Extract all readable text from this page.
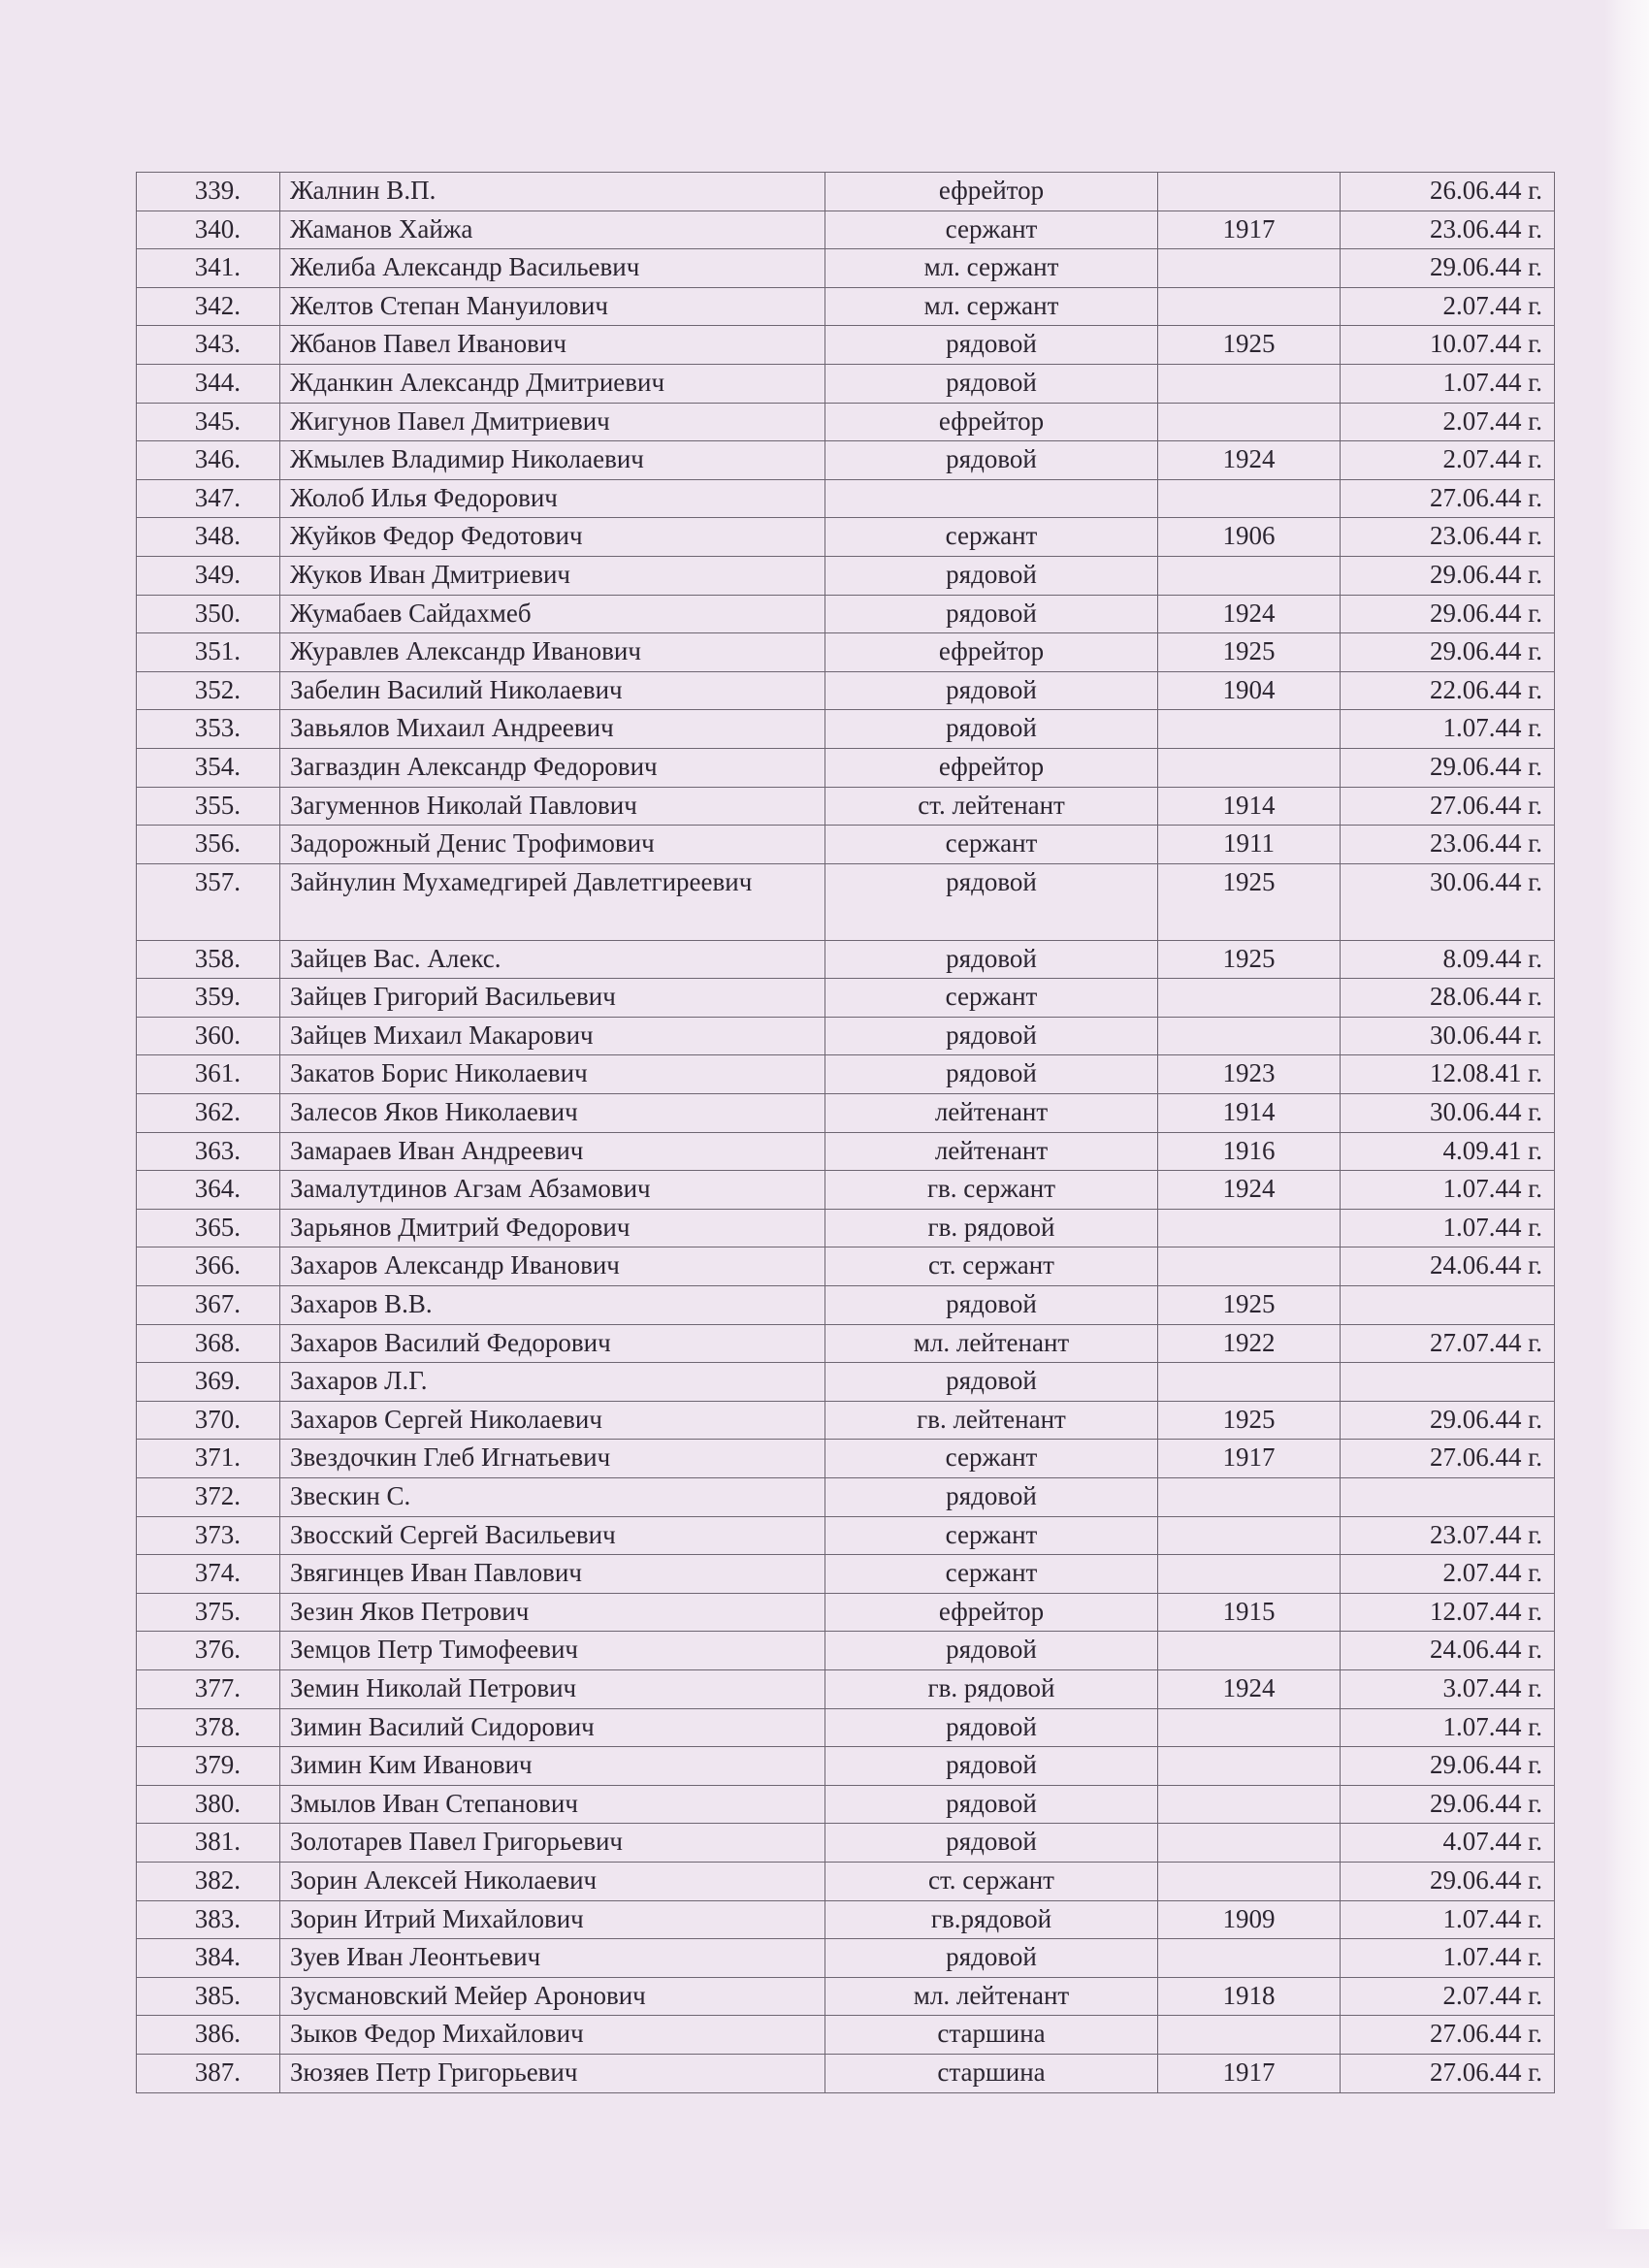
339.	Жалнин В.П.	ефрейтор		26.06.44 г.
340.	Жаманов Хайжа	сержант	1917	23.06.44 г.
341.	Желиба Александр Васильевич	мл. сержант		29.06.44 г.
342.	Желтов Степан Мануилович	мл. сержант		2.07.44 г.
343.	Жбанов Павел Иванович	рядовой	1925	10.07.44 г.
344.	Жданкин Александр Дмитриевич	рядовой		1.07.44 г.
345.	Жигунов Павел Дмитриевич	ефрейтор		2.07.44 г.
346.	Жмылев Владимир Николаевич	рядовой	1924	2.07.44 г.
347.	Жолоб Илья Федорович			27.06.44 г.
348.	Жуйков Федор Федотович	сержант	1906	23.06.44 г.
349.	Жуков Иван Дмитриевич	рядовой		29.06.44 г.
350.	Жумабаев Сайдахмеб	рядовой	1924	29.06.44 г.
351.	Журавлев Александр Иванович	ефрейтор	1925	29.06.44 г.
352.	Забелин Василий Николаевич	рядовой	1904	22.06.44 г.
353.	Завьялов Михаил Андреевич	рядовой		1.07.44 г.
354.	Загваздин Александр Федорович	ефрейтор		29.06.44 г.
355.	Загуменнов Николай Павлович	ст. лейтенант	1914	27.06.44 г.
356.	Задорожный Денис Трофимович	сержант	1911	23.06.44 г.
357.	Зайнулин Мухамедгирей Давлетгиреевич	рядовой	1925	30.06.44 г.
358.	Зайцев Вас. Алекс.	рядовой	1925	8.09.44 г.
359.	Зайцев Григорий Васильевич	сержант		28.06.44 г.
360.	Зайцев Михаил Макарович	рядовой		30.06.44 г.
361.	Закатов Борис Николаевич	рядовой	1923	12.08.41 г.
362.	Залесов Яков Николаевич	лейтенант	1914	30.06.44 г.
363.	Замараев Иван Андреевич	лейтенант	1916	4.09.41 г.
364.	Замалутдинов Агзам Абзамович	гв. сержант	1924	1.07.44 г.
365.	Зарьянов Дмитрий Федорович	гв. рядовой		1.07.44 г.
366.	Захаров Александр Иванович	ст. сержант		24.06.44 г.
367.	Захаров В.В.	рядовой	1925	
368.	Захаров Василий Федорович	мл. лейтенант	1922	27.07.44 г.
369.	Захаров Л.Г.	рядовой		
370.	Захаров Сергей Николаевич	гв. лейтенант	1925	29.06.44 г.
371.	Звездочкин Глеб Игнатьевич	сержант	1917	27.06.44 г.
372.	Звескин С.	рядовой		
373.	Звосский Сергей Васильевич	сержант		23.07.44 г.
374.	Звягинцев Иван Павлович	сержант		2.07.44 г.
375.	Зезин Яков Петрович	ефрейтор	1915	12.07.44 г.
376.	Земцов Петр Тимофеевич	рядовой		24.06.44 г.
377.	Земин Николай Петрович	гв. рядовой	1924	3.07.44 г.
378.	Зимин Василий Сидорович	рядовой		1.07.44 г.
379.	Зимин Ким Иванович	рядовой		29.06.44 г.
380.	Змылов Иван Степанович	рядовой		29.06.44 г.
381.	Золотарев Павел Григорьевич	рядовой		4.07.44 г.
382.	Зорин Алексей Николаевич	ст. сержант		29.06.44 г.
383.	Зорин Итрий Михайлович	гв.рядовой	1909	1.07.44 г.
384.	Зуев Иван Леонтьевич	рядовой		1.07.44 г.
385.	Зусмановский Мейер Аронович	мл. лейтенант	1918	2.07.44 г.
386.	Зыков Федор Михайлович	старшина		27.06.44 г.
387.	Зюзяев Петр Григорьевич	старшина	1917	27.06.44 г.
